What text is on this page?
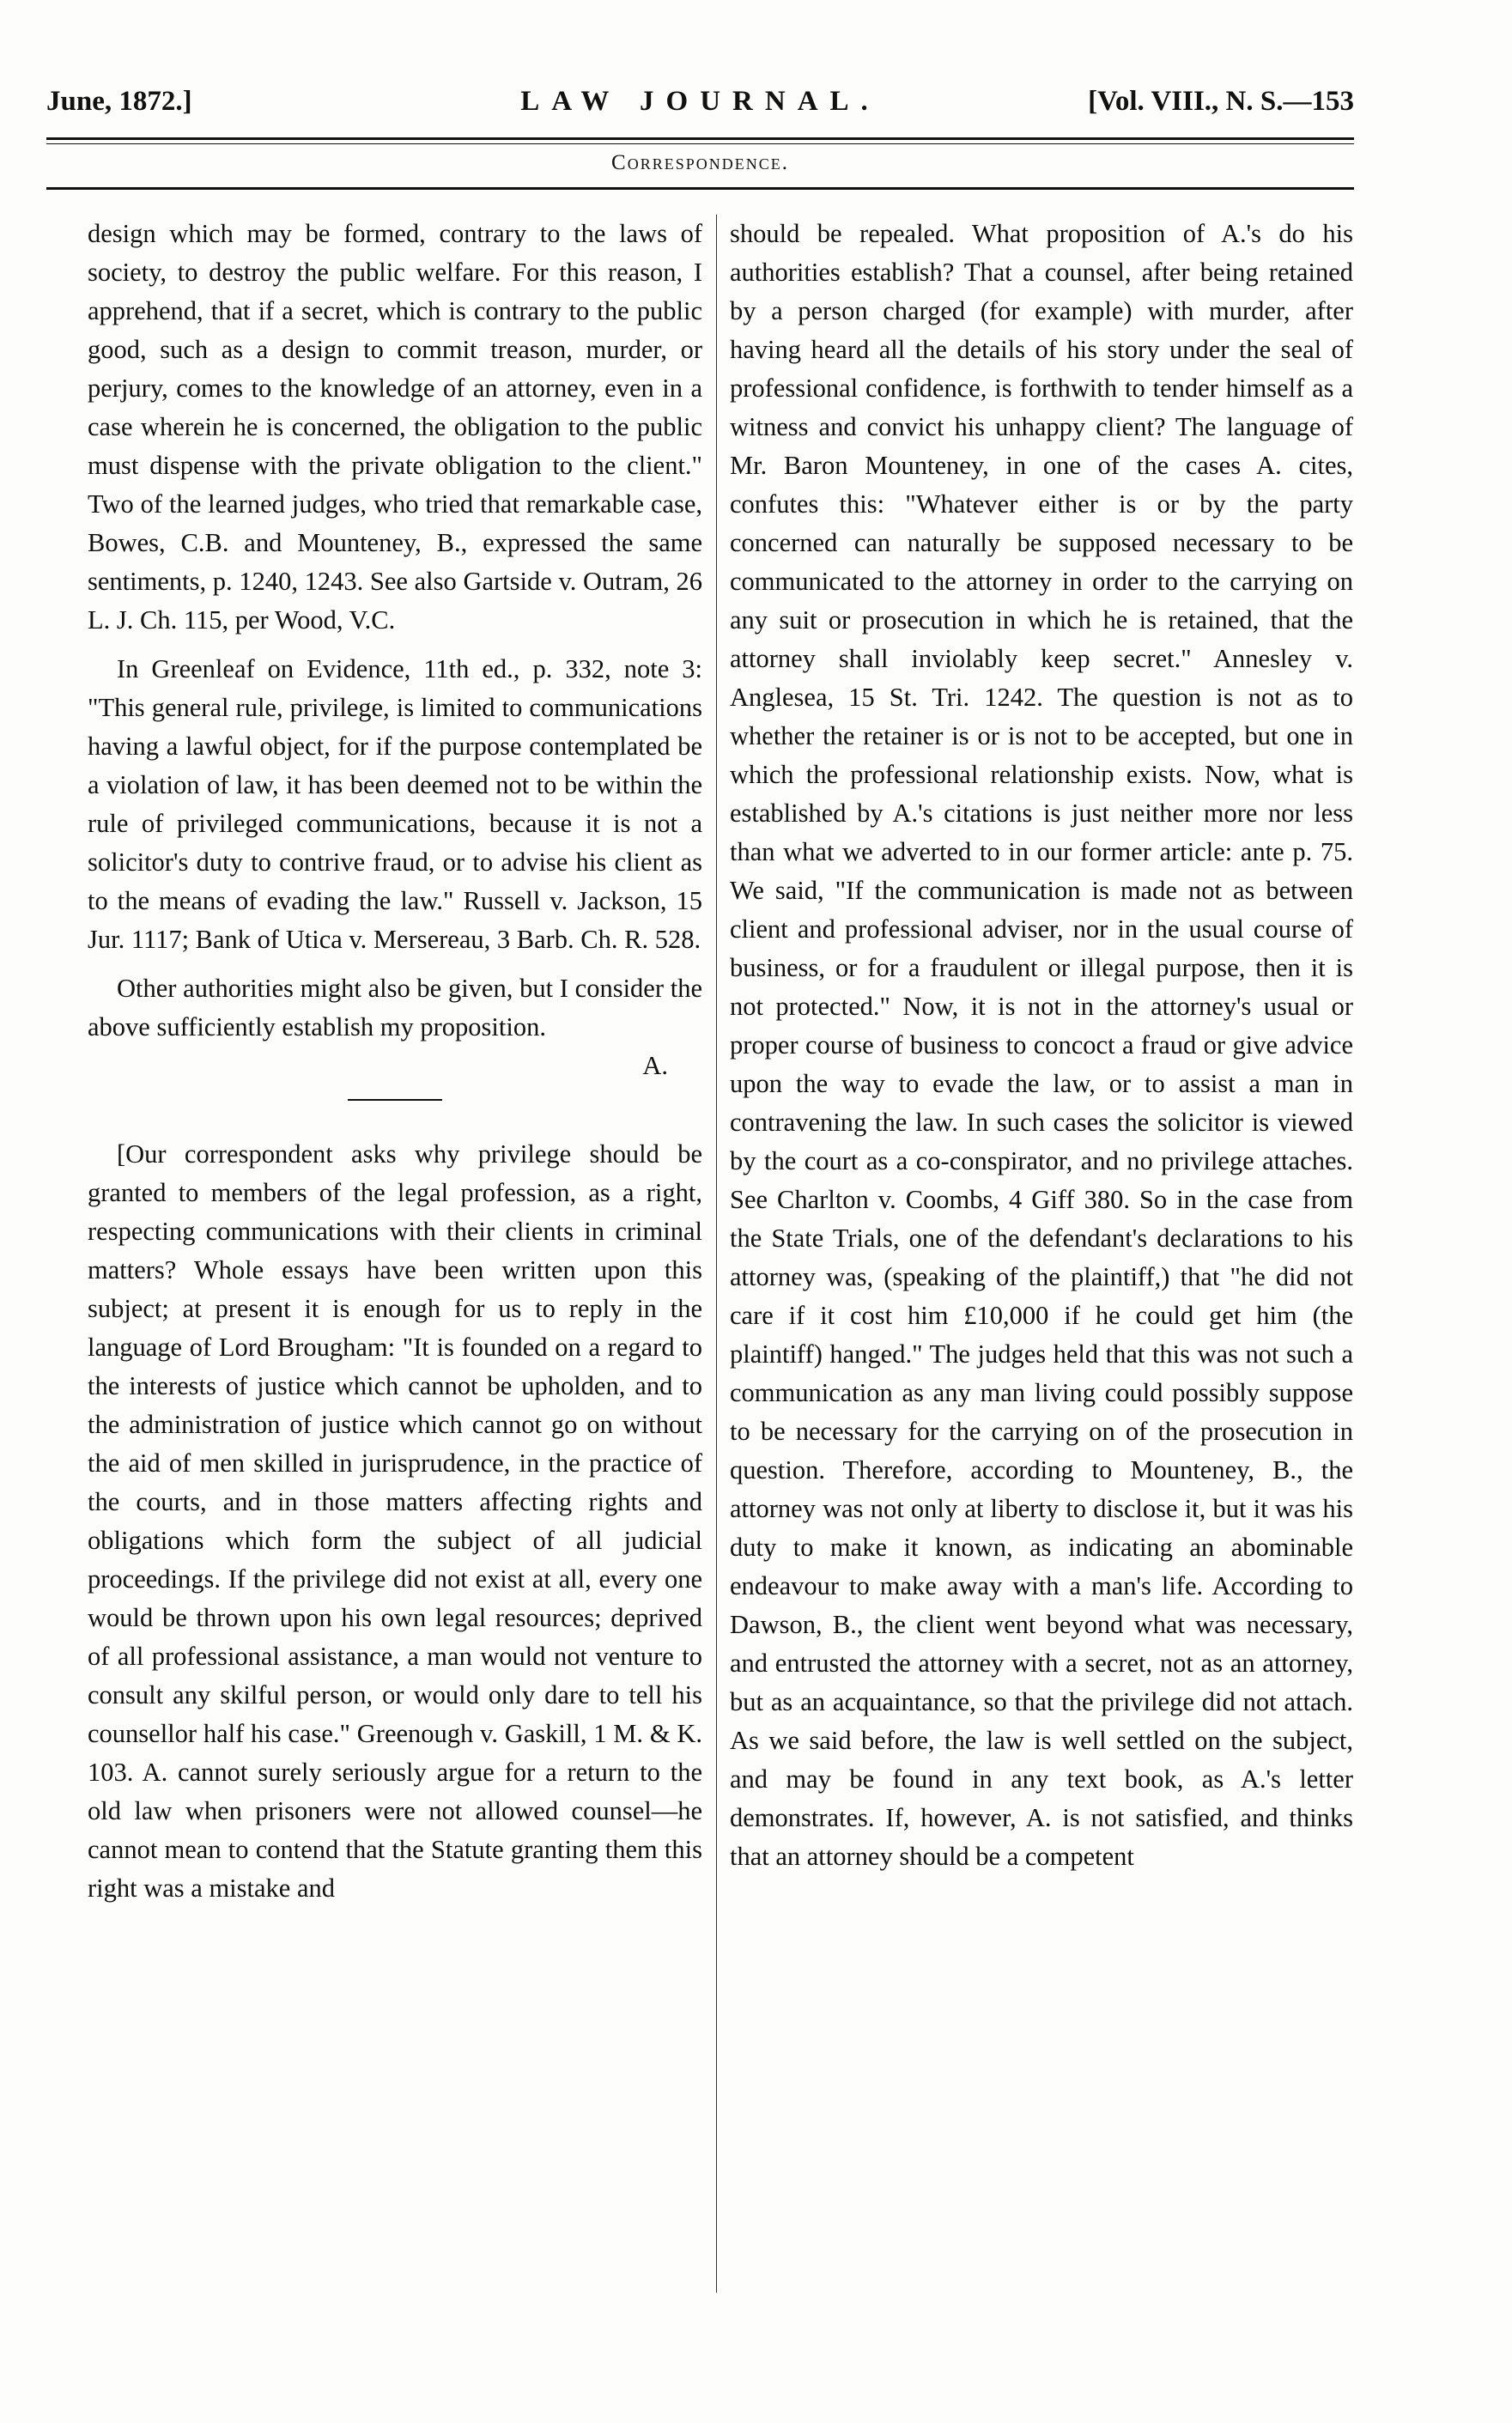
June, 1872.]	LAW JOURNAL.	[Vol. VIII., N. S.—153
Correspondence.

design which may be formed, contrary to the laws of society, to destroy the public welfare. For this reason, I apprehend, that if a secret, which is contrary to the public good, such as a design to commit treason, murder, or perjury, comes to the knowledge of an attorney, even in a case wherein he is concerned, the obligation to the public must dispense with the private obligation to the client." Two of the learned judges, who tried that remarkable case, Bowes, C.B. and Mounteney, B., expressed the same sentiments, p. 1240, 1243. See also Gartside v. Outram, 26 L. J. Ch. 115, per Wood, V.C.

In Greenleaf on Evidence, 11th ed., p. 332, note 3: "This general rule, privilege, is limited to communications having a lawful object, for if the purpose contemplated be a violation of law, it has been deemed not to be within the rule of privileged communications, because it is not a solicitor's duty to contrive fraud, or to advise his client as to the means of evading the law." Russell v. Jackson, 15 Jur. 1117; Bank of Utica v. Mersereau, 3 Barb. Ch. R. 528.

Other authorities might also be given, but I consider the above sufficiently establish my proposition.

A.

[Our correspondent asks why privilege should be granted to members of the legal profession, as a right, respecting communications with their clients in criminal matters? Whole essays have been written upon this subject; at present it is enough for us to reply in the language of Lord Brougham: "It is founded on a regard to the interests of justice which cannot be upholden, and to the administration of justice which cannot go on without the aid of men skilled in jurisprudence, in the practice of the courts, and in those matters affecting rights and obligations which form the subject of all judicial proceedings. If the privilege did not exist at all, every one would be thrown upon his own legal resources; deprived of all professional assistance, a man would not venture to consult any skilful person, or would only dare to tell his counsellor half his case." Greenough v. Gaskill, 1 M. & K. 103. A. cannot surely seriously argue for a return to the old law when prisoners were not allowed counsel—he cannot mean to contend that the Statute granting them this right was a mistake and

should be repealed. What proposition of A.'s do his authorities establish? That a counsel, after being retained by a person charged (for example) with murder, after having heard all the details of his story under the seal of professional confidence, is forthwith to tender himself as a witness and convict his unhappy client? The language of Mr. Baron Mounteney, in one of the cases A. cites, confutes this: "Whatever either is or by the party concerned can naturally be supposed necessary to be communicated to the attorney in order to the carrying on any suit or prosecution in which he is retained, that the attorney shall inviolably keep secret." Annesley v. Anglesea, 15 St. Tri. 1242. The question is not as to whether the retainer is or is not to be accepted, but one in which the professional relationship exists. Now, what is established by A.'s citations is just neither more nor less than what we adverted to in our former article: ante p. 75. We said, "If the communication is made not as between client and professional adviser, nor in the usual course of business, or for a fraudulent or illegal purpose, then it is not protected." Now, it is not in the attorney's usual or proper course of business to concoct a fraud or give advice upon the way to evade the law, or to assist a man in contravening the law. In such cases the solicitor is viewed by the court as a co-conspirator, and no privilege attaches. See Charlton v. Coombs, 4 Giff 380. So in the case from the State Trials, one of the defendant's declarations to his attorney was, (speaking of the plaintiff,) that "he did not care if it cost him £10,000 if he could get him (the plaintiff) hanged." The judges held that this was not such a communication as any man living could possibly suppose to be necessary for the carrying on of the prosecution in question. Therefore, according to Mounteney, B., the attorney was not only at liberty to disclose it, but it was his duty to make it known, as indicating an abominable endeavour to make away with a man's life. According to Dawson, B., the client went beyond what was necessary, and entrusted the attorney with a secret, not as an attorney, but as an acquaintance, so that the privilege did not attach. As we said before, the law is well settled on the subject, and may be found in any text book, as A.'s letter demonstrates. If, however, A. is not satisfied, and thinks that an attorney should be a competent
